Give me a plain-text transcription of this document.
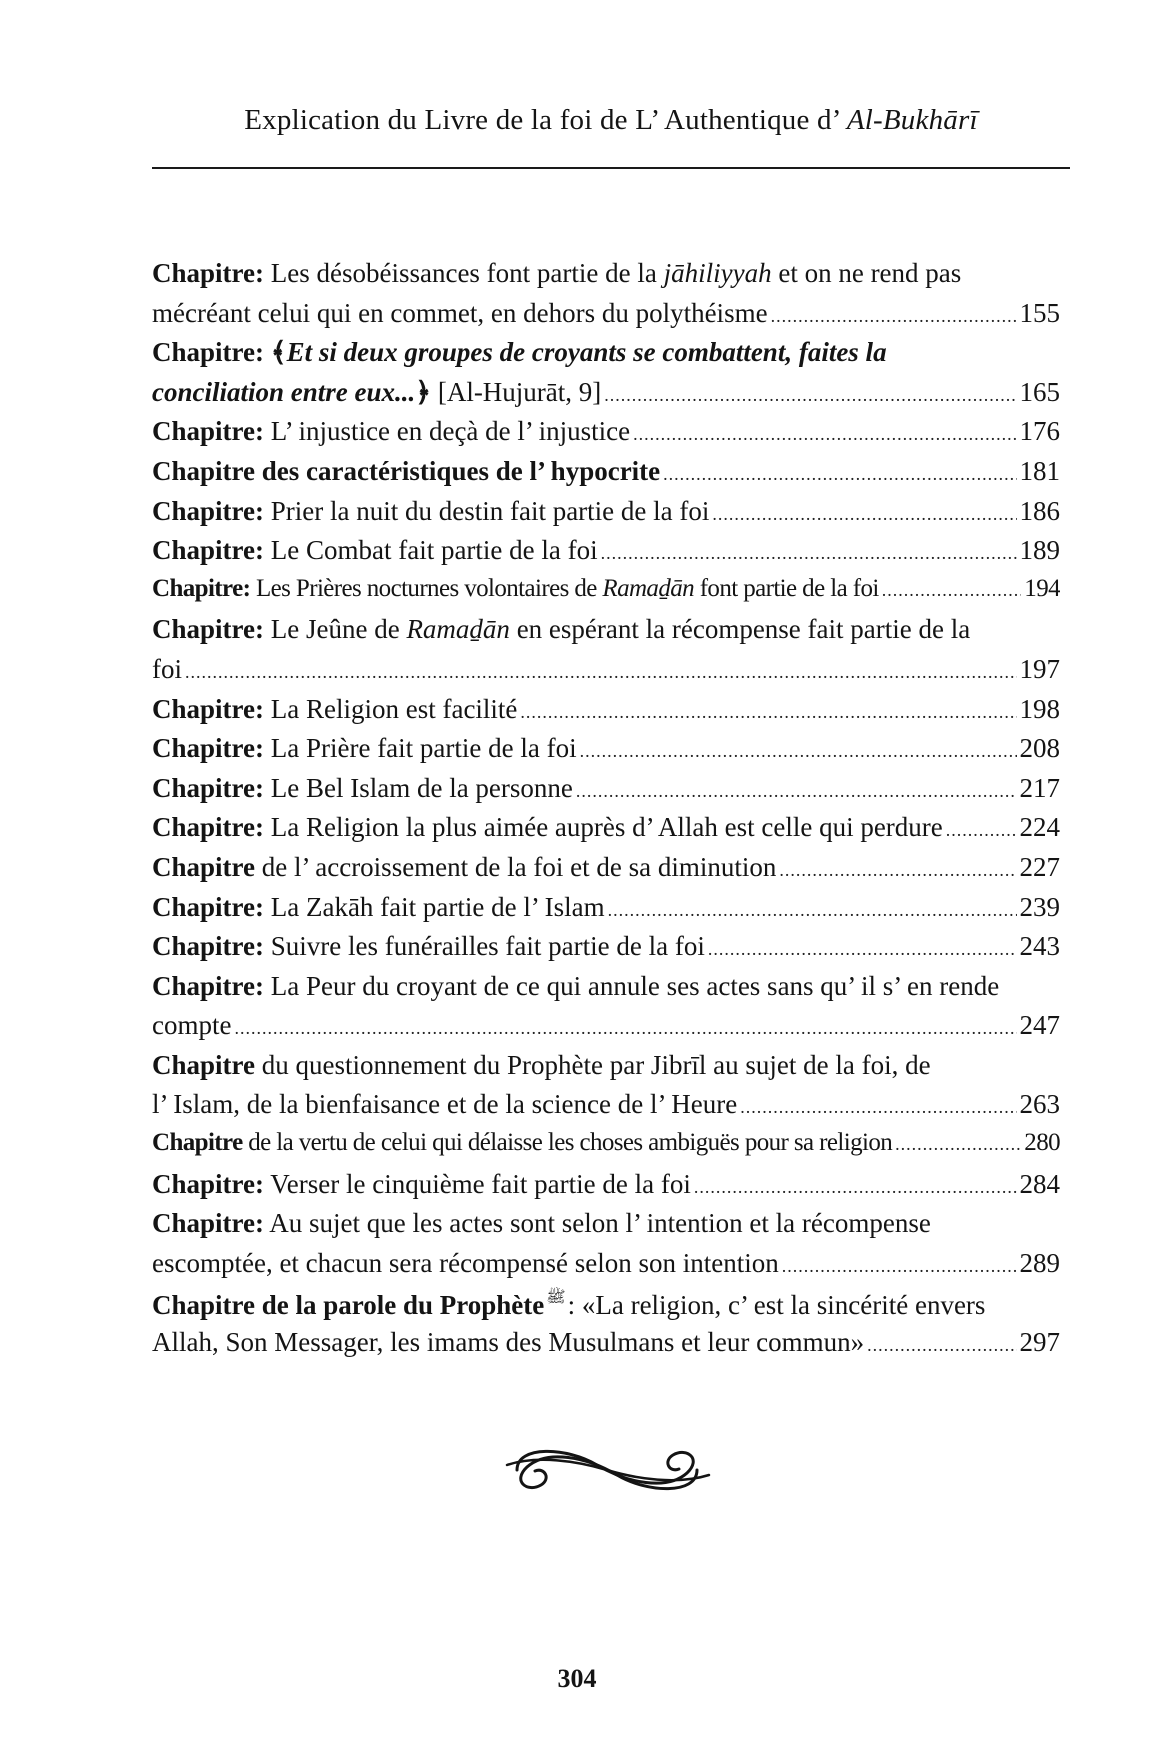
Explication du Livre de la foi de L’ Authentique d’ Al-Bukhārī
Chapitre: Les désobéissances font partie de la jāhiliyyah et on ne rend pas
mécréant celui qui en commet, en dehors du polythéisme .....	155
Chapitre: ﴾Et si deux groupes de croyants se combattent, faites la
conciliation entre eux...﴿ [Al-Hujurāt, 9] .....	165
Chapitre: L’ injustice en deçà de l’ injustice .....	176
Chapitre des caractéristiques de l’ hypocrite .....	181
Chapitre: Prier la nuit du destin fait partie de la foi .....	186
Chapitre: Le Combat fait partie de la foi .....	189
Chapitre: Les Prières nocturnes volontaires de Ramaḏān font partie de la foi .....	194
Chapitre: Le Jeûne de Ramaḏān en espérant la récompense fait partie de la
foi .....	197
Chapitre: La Religion est facilité .....	198
Chapitre: La Prière fait partie de la foi .....	208
Chapitre: Le Bel Islam de la personne .....	217
Chapitre: La Religion la plus aimée auprès d’ Allah est celle qui perdure .....	224
Chapitre de l’ accroissement de la foi et de sa diminution .....	227
Chapitre: La Zakāh fait partie de l’ Islam .....	239
Chapitre: Suivre les funérailles fait partie de la foi .....	243
Chapitre: La Peur du croyant de ce qui annule ses actes sans qu’ il s’ en rende
compte .....	247
Chapitre du questionnement du Prophète par Jibrīl au sujet de la foi, de
l’ Islam, de la bienfaisance et de la science de l’ Heure .....	263
Chapitre de la vertu de celui qui délaisse les choses ambiguës pour sa religion .....	280
Chapitre: Verser le cinquième fait partie de la foi .....	284
Chapitre: Au sujet que les actes sont selon l’ intention et la récompense
escomptée, et chacun sera récompensé selon son intention .....	289
Chapitre de la parole du Prophète ﷺ: «La religion, c’ est la sincérité envers
Allah, Son Messager, les imams des Musulmans et leur commun» .....	297
304
